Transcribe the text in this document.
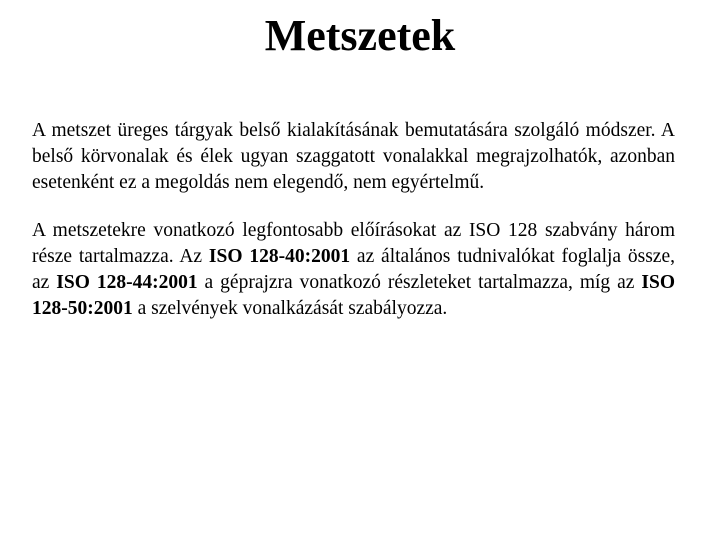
Metszetek

A metszet üreges tárgyak belső kialakításának bemutatására szolgáló módszer. A belső körvonalak és élek ugyan szaggatott vonalakkal megrajzolhatók, azonban esetenként ez a megoldás nem elegendő, nem egyértelmű.

A metszetekre vonatkozó legfontosabb előírásokat az ISO 128 szabvány három része tartalmazza. Az ISO 128-40:2001 az általános tudnivalókat foglalja össze, az ISO 128-44:2001 a géprajzra vonatkozó részleteket tartalmazza, míg az ISO 128-50:2001 a szelvények vonalkázását szabályozza.
